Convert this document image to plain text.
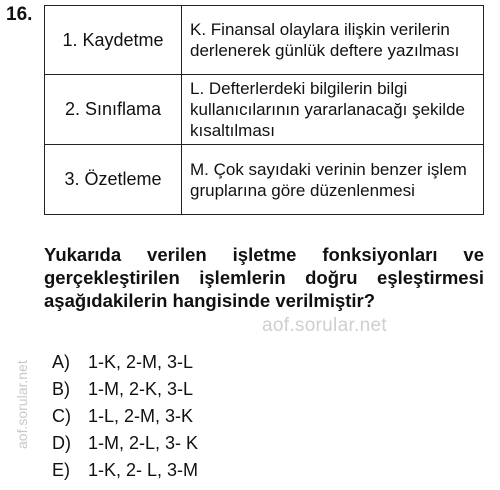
16.
1. Kaydetme	K. Finansal olaylara ilişkin verilerin derlenerek günlük deftere yazılması
2. Sınıflama	L. Defterlerdeki bilgilerin bilgi kullanıcılarının yararlanacağı şekilde kısaltılması
3. Özetleme	M. Çok sayıdaki verinin benzer işlem gruplarına göre düzenlenmesi
Yukarıda verilen işletme fonksiyonları ve gerçekleştirilen işlemlerin doğru eşleştirmesi aşağıdakilerin hangisinde verilmiştir?
aof.sorular.net
A)	1-K, 2-M, 3-L
B)	1-M, 2-K, 3-L
C) 1-L, 2-M, 3-K
D) 1-M, 2-L, 3- K
E)	1-K, 2- L, 3-M
aof.sorular.net
